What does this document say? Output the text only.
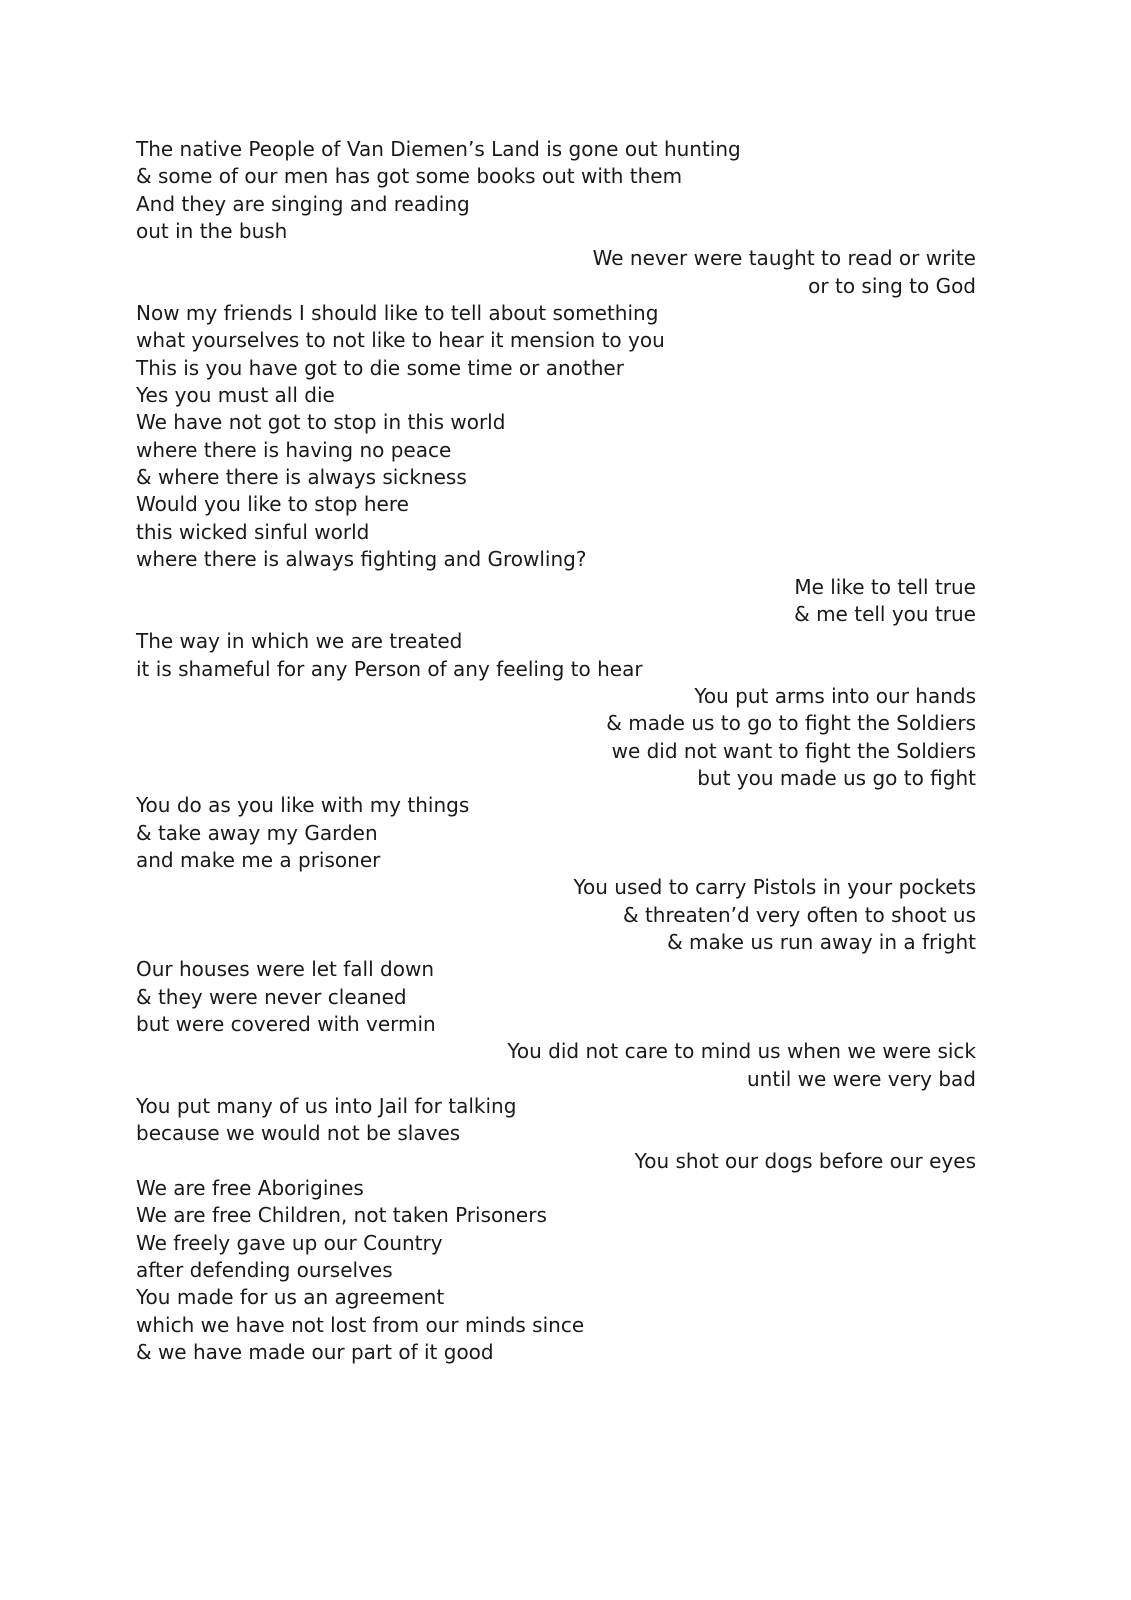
The native People of Van Diemen’s Land is gone out hunting
& some of our men has got some books out with them
And they are singing and reading
out in the bush
We never were taught to read or write
or to sing to God
Now my friends I should like to tell about something
what yourselves to not like to hear it mension to you
This is you have got to die some time or another
Yes you must all die
We have not got to stop in this world
where there is having no peace
& where there is always sickness
Would you like to stop here
this wicked sinful world
where there is always fighting and Growling?
Me like to tell true
& me tell you true
The way in which we are treated
it is shameful for any Person of any feeling to hear
You put arms into our hands
& made us to go to fight the Soldiers
we did not want to fight the Soldiers
but you made us go to fight
You do as you like with my things
& take away my Garden
and make me a prisoner
You used to carry Pistols in your pockets
& threaten’d very often to shoot us
& make us run away in a fright
Our houses were let fall down
& they were never cleaned
but were covered with vermin
You did not care to mind us when we were sick
until we were very bad
You put many of us into Jail for talking
because we would not be slaves
You shot our dogs before our eyes
We are free Aborigines
We are free Children, not taken Prisoners
We freely gave up our Country
after defending ourselves
You made for us an agreement
which we have not lost from our minds since
& we have made our part of it good
